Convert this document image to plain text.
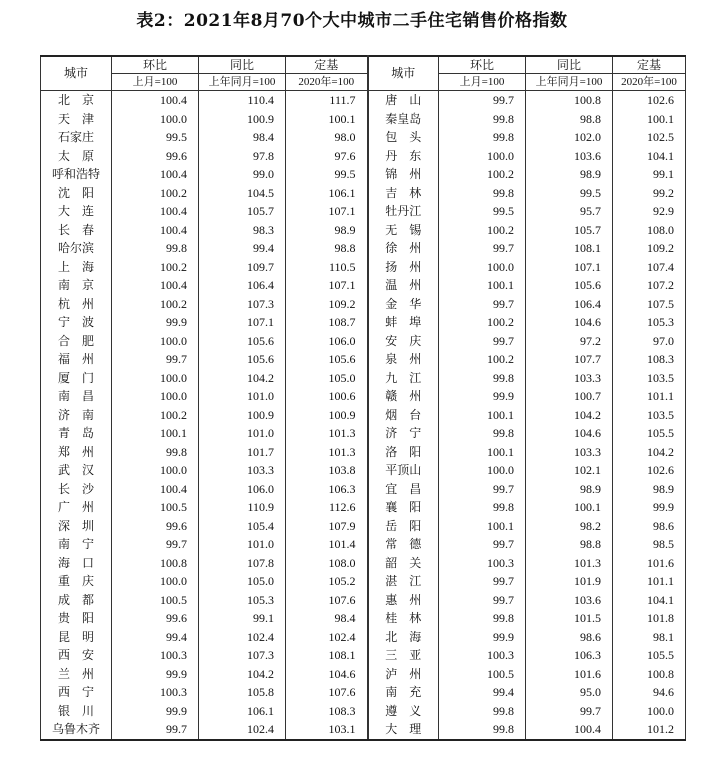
表2：2021年8月70个大中城市二手住宅销售价格指数
城市	环比	同比	定基	城市	环比	同比	定基
	上月=100	上年同月=100	2020年=100		上月=100	上年同月=100	2020年=100
北　京	100.4	110.4	111.7	唐　山	99.7	100.8	102.6
天　津	100.0	100.9	100.1	秦皇岛	99.8	98.8	100.1
石家庄	99.5	98.4	98.0	包　头	99.8	102.0	102.5
太　原	99.6	97.8	97.6	丹　东	100.0	103.6	104.1
呼和浩特	100.4	99.0	99.5	锦　州	100.2	98.9	99.1
沈　阳	100.2	104.5	106.1	吉　林	99.8	99.5	99.2
大　连	100.4	105.7	107.1	牡丹江	99.5	95.7	92.9
长　春	100.4	98.3	98.9	无　锡	100.2	105.7	108.0
哈尔滨	99.8	99.4	98.8	徐　州	99.7	108.1	109.2
上　海	100.2	109.7	110.5	扬　州	100.0	107.1	107.4
南　京	100.4	106.4	107.1	温　州	100.1	105.6	107.2
杭　州	100.2	107.3	109.2	金　华	99.7	106.4	107.5
宁　波	99.9	107.1	108.7	蚌　埠	100.2	104.6	105.3
合　肥	100.0	105.6	106.0	安　庆	99.7	97.2	97.0
福　州	99.7	105.6	105.6	泉　州	100.2	107.7	108.3
厦　门	100.0	104.2	105.0	九　江	99.8	103.3	103.5
南　昌	100.0	101.0	100.6	赣　州	99.9	100.7	101.1
济　南	100.2	100.9	100.9	烟　台	100.1	104.2	103.5
青　岛	100.1	101.0	101.3	济　宁	99.8	104.6	105.5
郑　州	99.8	101.7	101.3	洛　阳	100.1	103.3	104.2
武　汉	100.0	103.3	103.8	平顶山	100.0	102.1	102.6
长　沙	100.4	106.0	106.3	宜　昌	99.7	98.9	98.9
广　州	100.5	110.9	112.6	襄　阳	99.8	100.1	99.9
深　圳	99.6	105.4	107.9	岳　阳	100.1	98.2	98.6
南　宁	99.7	101.0	101.4	常　德	99.7	98.8	98.5
海　口	100.8	107.8	108.0	韶　关	100.3	101.3	101.6
重　庆	100.0	105.0	105.2	湛　江	99.7	101.9	101.1
成　都	100.5	105.3	107.6	惠　州	99.7	103.6	104.1
贵　阳	99.6	99.1	98.4	桂　林	99.8	101.5	101.8
昆　明	99.4	102.4	102.4	北　海	99.9	98.6	98.1
西　安	100.3	107.3	108.1	三　亚	100.3	106.3	105.5
兰　州	99.9	104.2	104.6	泸　州	100.5	101.6	100.8
西　宁	100.3	105.8	107.6	南　充	99.4	95.0	94.6
银　川	99.9	106.1	108.3	遵　义	99.8	99.7	100.0
乌鲁木齐	99.7	102.4	103.1	大　理	99.8	100.4	101.2
